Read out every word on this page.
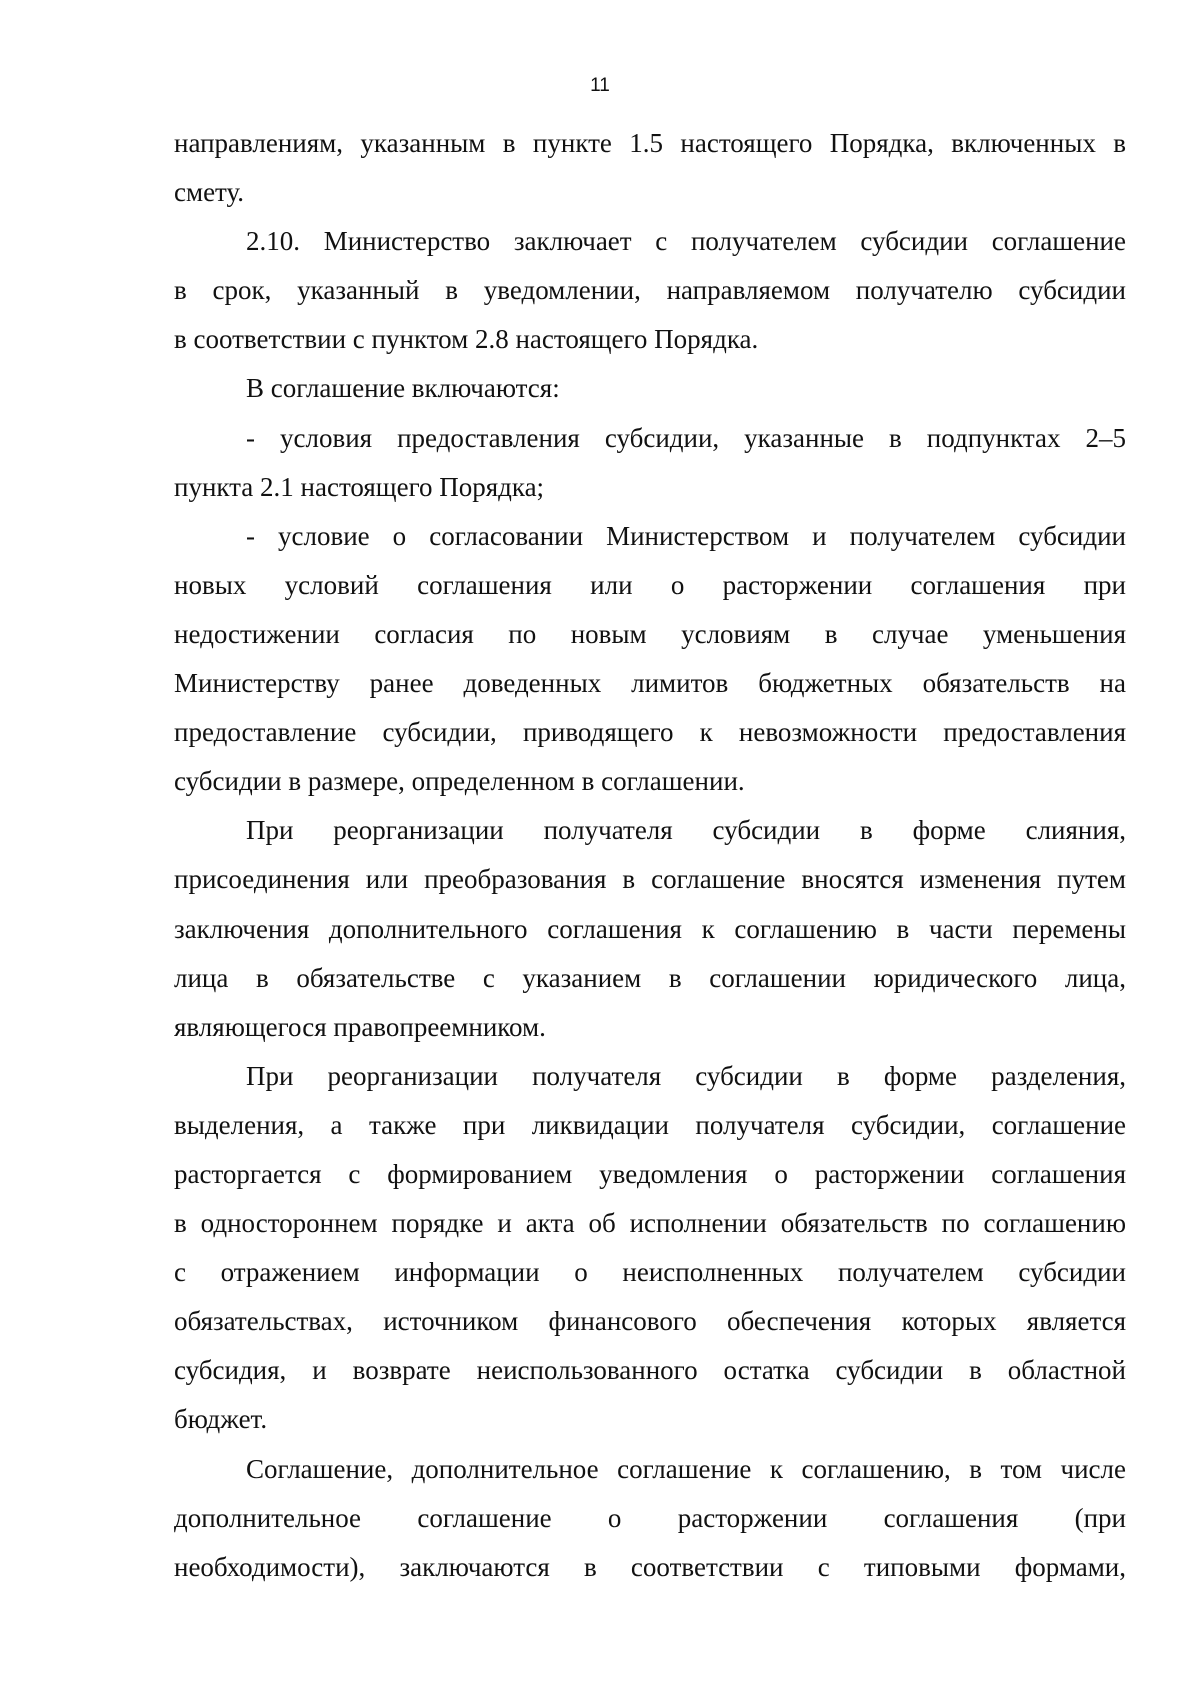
11
направлениям, указанным в пункте 1.5 настоящего Порядка, включенных в
смету.
2.10. Министерство заключает с получателем субсидии соглашение
в срок, указанный в уведомлении, направляемом получателю субсидии
в соответствии с пунктом 2.8 настоящего Порядка.
В соглашение включаются:
- условия предоставления субсидии, указанные в подпунктах 2–5
пункта 2.1 настоящего Порядка;
- условие о согласовании Министерством и получателем субсидии
новых условий соглашения или о расторжении соглашения при
недостижении согласия по новым условиям в случае уменьшения
Министерству ранее доведенных лимитов бюджетных обязательств на
предоставление субсидии, приводящего к невозможности предоставления
субсидии в размере, определенном в соглашении.
При реорганизации получателя субсидии в форме слияния,
присоединения или преобразования в соглашение вносятся изменения путем
заключения дополнительного соглашения к соглашению в части перемены
лица в обязательстве с указанием в соглашении юридического лица,
являющегося правопреемником.
При реорганизации получателя субсидии в форме разделения,
выделения, а также при ликвидации получателя субсидии, соглашение
расторгается с формированием уведомления о расторжении соглашения
в одностороннем порядке и акта об исполнении обязательств по соглашению
с отражением информации о неисполненных получателем субсидии
обязательствах, источником финансового обеспечения которых является
субсидия, и возврате неиспользованного остатка субсидии в областной
бюджет.
Соглашение, дополнительное соглашение к соглашению, в том числе
дополнительное соглашение о расторжении соглашения (при
необходимости), заключаются в соответствии с типовыми формами,
